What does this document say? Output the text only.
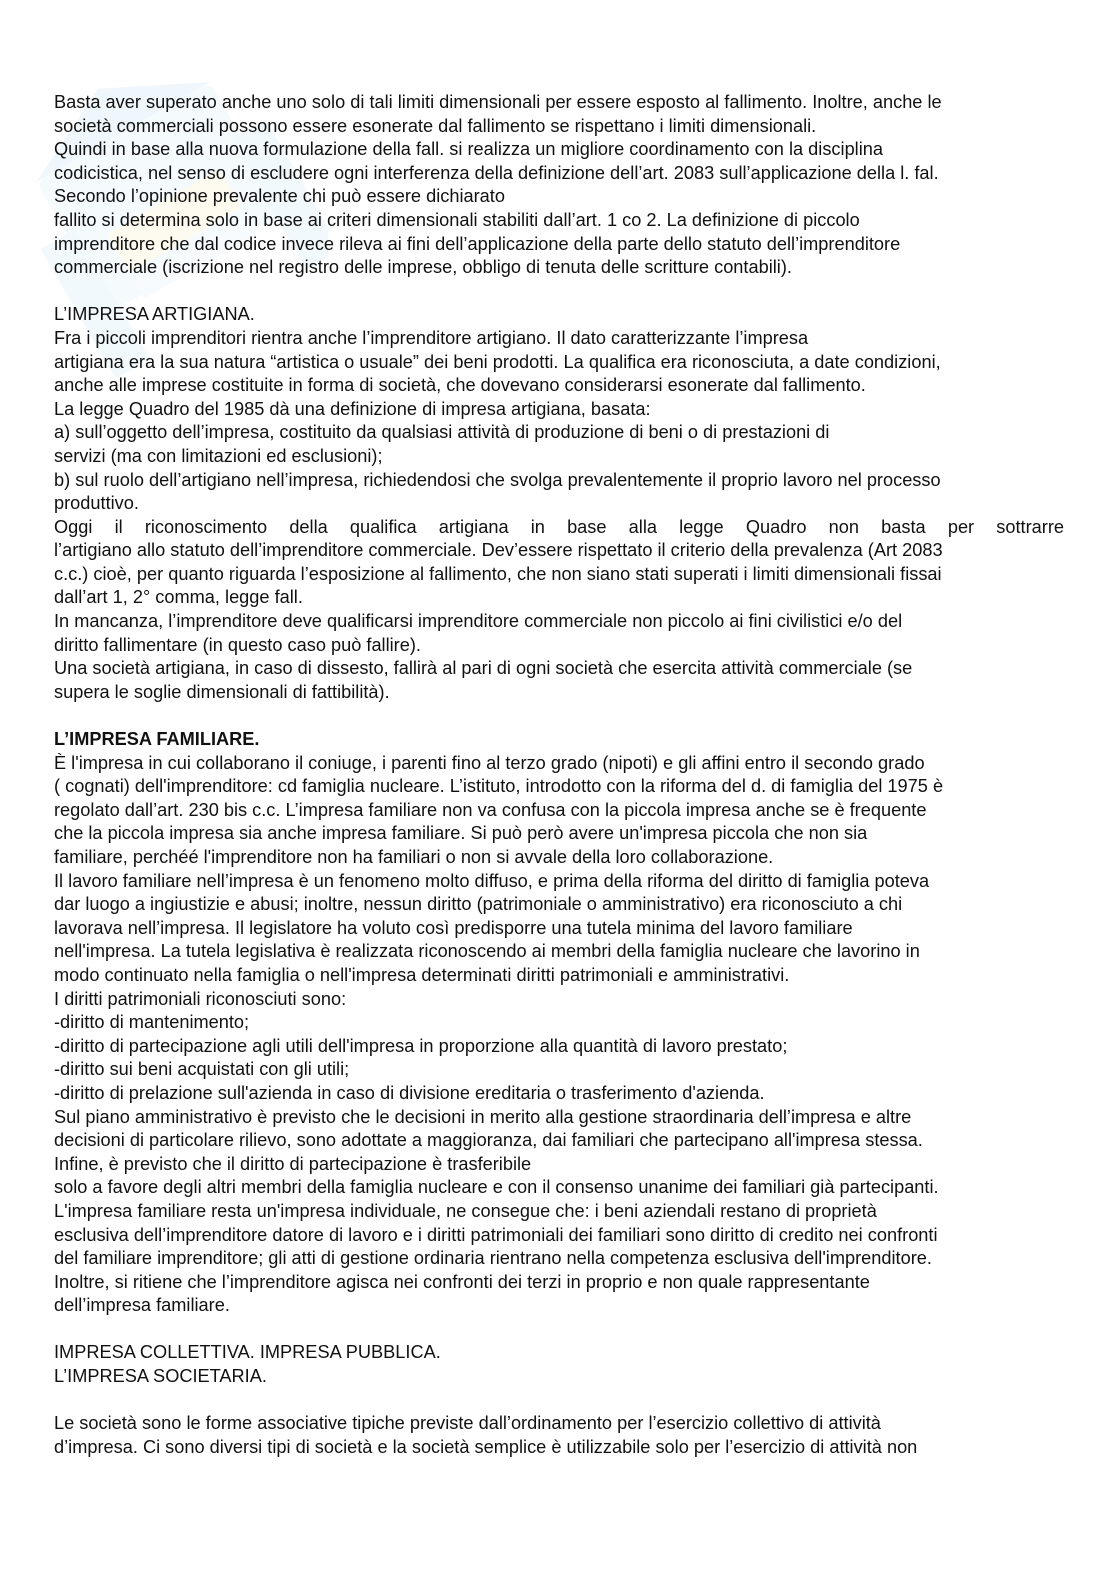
Basta aver superato anche uno solo di tali limiti dimensionali per essere esposto al fallimento. Inoltre, anche le
società commerciali possono essere esonerate dal fallimento se rispettano i limiti dimensionali.
Quindi in base alla nuova formulazione della fall. si realizza un migliore coordinamento con la disciplina
codicistica, nel senso di escludere ogni interferenza della definizione dell’art. 2083 sull’applicazione della l. fal.
Secondo l’opinione prevalente chi può essere dichiarato
fallito si determina solo in base ai criteri dimensionali stabiliti dall’art. 1 co 2. La definizione di piccolo
imprenditore che dal codice invece rileva ai fini dell’applicazione della parte dello statuto dell’imprenditore
commerciale (iscrizione nel registro delle imprese, obbligo di tenuta delle scritture contabili).
L’IMPRESA ARTIGIANA.
Fra i piccoli imprenditori rientra anche l’imprenditore artigiano. Il dato caratterizzante l’impresa
artigiana era la sua natura “artistica o usuale” dei beni prodotti. La qualifica era riconosciuta, a date condizioni,
anche alle imprese costituite in forma di società, che dovevano considerarsi esonerate dal fallimento.
La legge Quadro del 1985 dà una definizione di impresa artigiana, basata:
a) sull’oggetto dell’impresa, costituito da qualsiasi attività di produzione di beni o di prestazioni di
servizi (ma con limitazioni ed esclusioni);
b) sul ruolo dell’artigiano nell’impresa, richiedendosi che svolga prevalentemente il proprio lavoro nel processo
produttivo.
Oggi il riconoscimento della qualifica artigiana in base alla legge Quadro non basta per sottrarre
l’artigiano allo statuto dell’imprenditore commerciale. Dev’essere rispettato il criterio della prevalenza (Art 2083
c.c.) cioè, per quanto riguarda l’esposizione al fallimento, che non siano stati superati i limiti dimensionali fissai
dall’art 1, 2° comma, legge fall.
In mancanza, l’imprenditore deve qualificarsi imprenditore commerciale non piccolo ai fini civilistici e/o del
diritto fallimentare (in questo caso può fallire).
Una società artigiana, in caso di dissesto, fallirà al pari di ogni società che esercita attività commerciale (se
supera le soglie dimensionali di fattibilità).
L’IMPRESA FAMILIARE.
È l'impresa in cui collaborano il coniuge, i parenti fino al terzo grado (nipoti) e gli affini entro il secondo grado
( cognati) dell'imprenditore: cd famiglia nucleare. L’istituto, introdotto con la riforma del d. di famiglia del 1975 è
regolato dall’art. 230 bis c.c. L’impresa familiare non va confusa con la piccola impresa anche se è frequente
che la piccola impresa sia anche impresa familiare. Si può però avere un'impresa piccola che non sia
familiare, perchéé l'imprenditore non ha familiari o non si avvale della loro collaborazione.
Il lavoro familiare nell’impresa è un fenomeno molto diffuso, e prima della riforma del diritto di famiglia poteva
dar luogo a ingiustizie e abusi; inoltre, nessun diritto (patrimoniale o amministrativo) era riconosciuto a chi
lavorava nell’impresa. Il legislatore ha voluto così predisporre una tutela minima del lavoro familiare
nell'impresa. La tutela legislativa è realizzata riconoscendo ai membri della famiglia nucleare che lavorino in
modo continuato nella famiglia o nell'impresa determinati diritti patrimoniali e amministrativi.
I diritti patrimoniali riconosciuti sono:
-diritto di mantenimento;
-diritto di partecipazione agli utili dell'impresa in proporzione alla quantità di lavoro prestato;
-diritto sui beni acquistati con gli utili;
-diritto di prelazione sull'azienda in caso di divisione ereditaria o trasferimento d'azienda.
Sul piano amministrativo è previsto che le decisioni in merito alla gestione straordinaria dell’impresa e altre
decisioni di particolare rilievo, sono adottate a maggioranza, dai familiari che partecipano all'impresa stessa.
Infine, è previsto che il diritto di partecipazione è trasferibile
solo a favore degli altri membri della famiglia nucleare e con il consenso unanime dei familiari già partecipanti.
L'impresa familiare resta un'impresa individuale, ne consegue che: i beni aziendali restano di proprietà
esclusiva dell’imprenditore datore di lavoro e i diritti patrimoniali dei familiari sono diritto di credito nei confronti
del familiare imprenditore; gli atti di gestione ordinaria rientrano nella competenza esclusiva dell'imprenditore.
Inoltre, si ritiene che l’imprenditore agisca nei confronti dei terzi in proprio e non quale rappresentante
dell’impresa familiare.
IMPRESA COLLETTIVA. IMPRESA PUBBLICA.
L’IMPRESA SOCIETARIA.
Le società sono le forme associative tipiche previste dall’ordinamento per l’esercizio collettivo di attività
d’impresa. Ci sono diversi tipi di società e la società semplice è utilizzabile solo per l’esercizio di attività non
